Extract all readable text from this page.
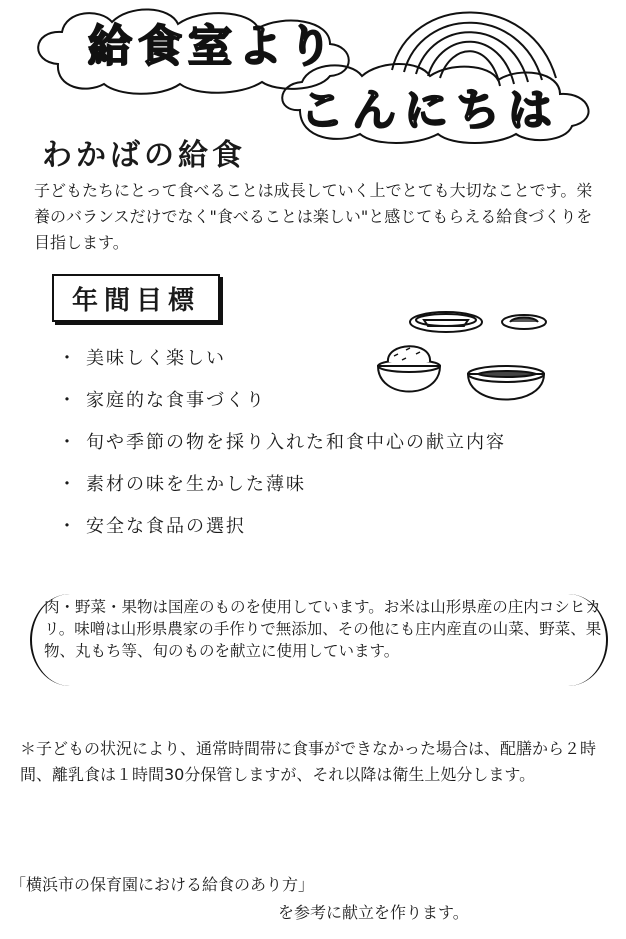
給食室より
こんにちは
わかばの給食
子どもたちにとって食べることは成長していく上でとても大切なことです。栄養のバランスだけでなく"食べることは楽しい"と感じてもらえる給食づくりを目指します。
年間目標
・ 美味しく楽しい
・ 家庭的な食事づくり
・ 旬や季節の物を採り入れた和食中心の献立内容
・ 素材の味を生かした薄味
・ 安全な食品の選択
肉・野菜・果物は国産のものを使用しています。お米は山形県産の庄内コシヒカリ。味噌は山形県農家の手作りで無添加、その他にも庄内産直の山菜、野菜、果物、丸もち等、旬のものを献立に使用しています。
＊子どもの状況により、通常時間帯に食事ができなかった場合は、配膳から２時間、離乳食は１時間30分保管しますが、それ以降は衛生上処分します。
「横浜市の保育園における給食のあり方」
を参考に献立を作ります。
